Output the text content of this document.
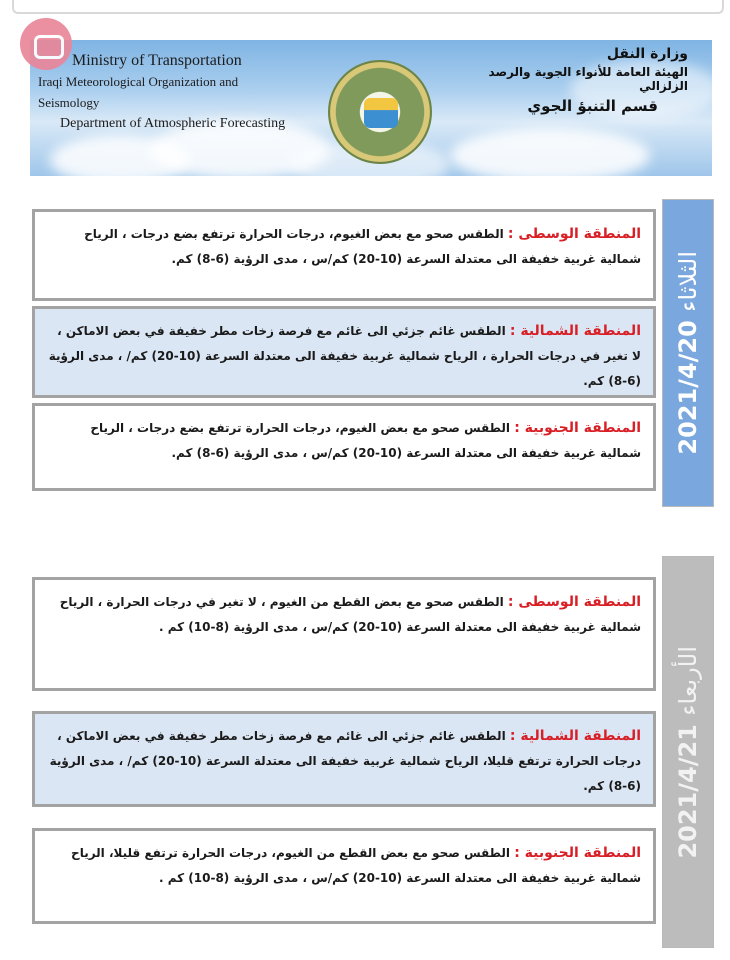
Ministry of Transportation
Iraqi Meteorological Organization and Seismology
Department of Atmospheric Forecasting
وزارة النقل
الهيئة العامة للأنواء الجوية والرصد الزلزالي
قسم التنبؤ الجوي
2021/4/20 الثلاثاء
المنطقة الوسطى : الطقس صحو مع بعض الغيوم، درجات الحرارة ترتفع بضع درجات ، الرياح شمالية غربية خفيفة الى معتدلة السرعة (10-20) كم/س ، مدى الرؤية (6-8) كم.
المنطقة الشمالية : الطقس غائم جزئي الى غائم مع فرصة زخات مطر خفيفة في بعض الاماكن ، لا تغير في درجات الحرارة ، الرياح شمالية غربية خفيفة الى معتدلة السرعة (10-20) كم/ ، مدى الرؤية (6-8) كم.
المنطقة الجنوبية : الطقس صحو مع بعض الغيوم، درجات الحرارة ترتفع بضع درجات ، الرياح شمالية غربية خفيفة الى معتدلة السرعة (10-20) كم/س ، مدى الرؤية (6-8) كم.
2021/4/21 الأربعاء
المنطقة الوسطى : الطقس صحو مع بعض القطع من الغيوم ، لا تغير في درجات الحرارة ، الرياح شمالية غربية خفيفة الى معتدلة السرعة (10-20) كم/س ، مدى الرؤية (8-10) كم .
المنطقة الشمالية : الطقس غائم جزئي الى غائم مع فرصة زخات مطر خفيفة في بعض الاماكن ، درجات الحرارة ترتفع قليلا، الرياح شمالية غربية خفيفة الى معتدلة السرعة (10-20) كم/ ، مدى الرؤية (6-8) كم.
المنطقة الجنوبية : الطقس صحو مع بعض القطع من الغيوم، درجات الحرارة ترتفع قليلا، الرياح شمالية غربية خفيفة الى معتدلة السرعة (10-20) كم/س ، مدى الرؤية (8-10) كم .
